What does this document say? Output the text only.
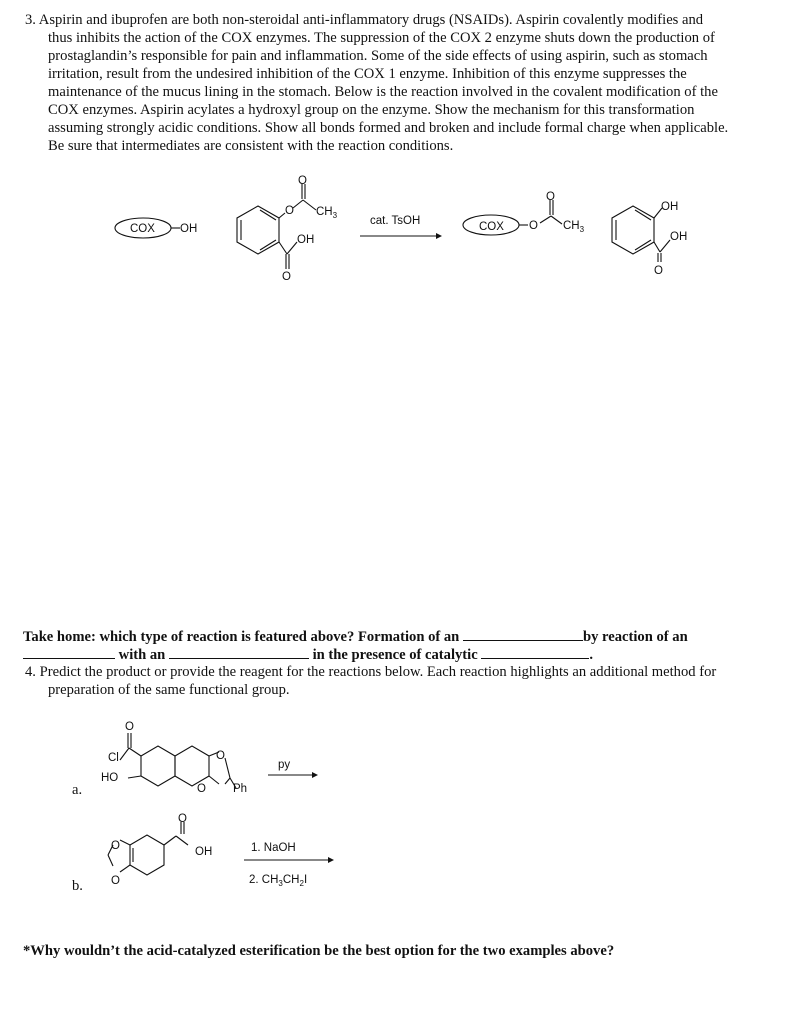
3. Aspirin and ibuprofen are both non-steroidal anti-inflammatory drugs (NSAIDs). Aspirin covalently modifies and
thus inhibits the action of the COX enzymes. The suppression of the COX 2 enzyme shuts down the production of
prostaglandin’s responsible for pain and inflammation. Some of the side effects of using aspirin, such as stomach
irritation, result from the undesired inhibition of the COX 1 enzyme. Inhibition of this enzyme suppresses the
maintenance of the mucus lining in the stomach. Below is the reaction involved in the covalent modification of the
COX enzymes. Aspirin acylates a hydroxyl group on the enzyme. Show the mechanism for this transformation
assuming strongly acidic conditions. Show all bonds formed and broken and include formal charge when applicable.
Be sure that intermediates are consistent with the reaction conditions.
COX OH
O
O
$CH_3$
OH
O
cat. TsOH	COX O
O
$CH_3$
OH
OH
O
Take home: which type of reaction is featured above? Formation of an	by reaction of an
with an	in the presence of catalytic	.
4. Predict the product or provide the reagent for the reactions below. Each reaction highlights an additional method for
preparation of the same functional group.
O
Cl
HO
O
O Ph
py
O
O
O
OH	1. NaOH
2. $CH_3CH_2I$
a.
b.
*Why wouldn’t the acid-catalyzed esterification be the best option for the two examples above?
